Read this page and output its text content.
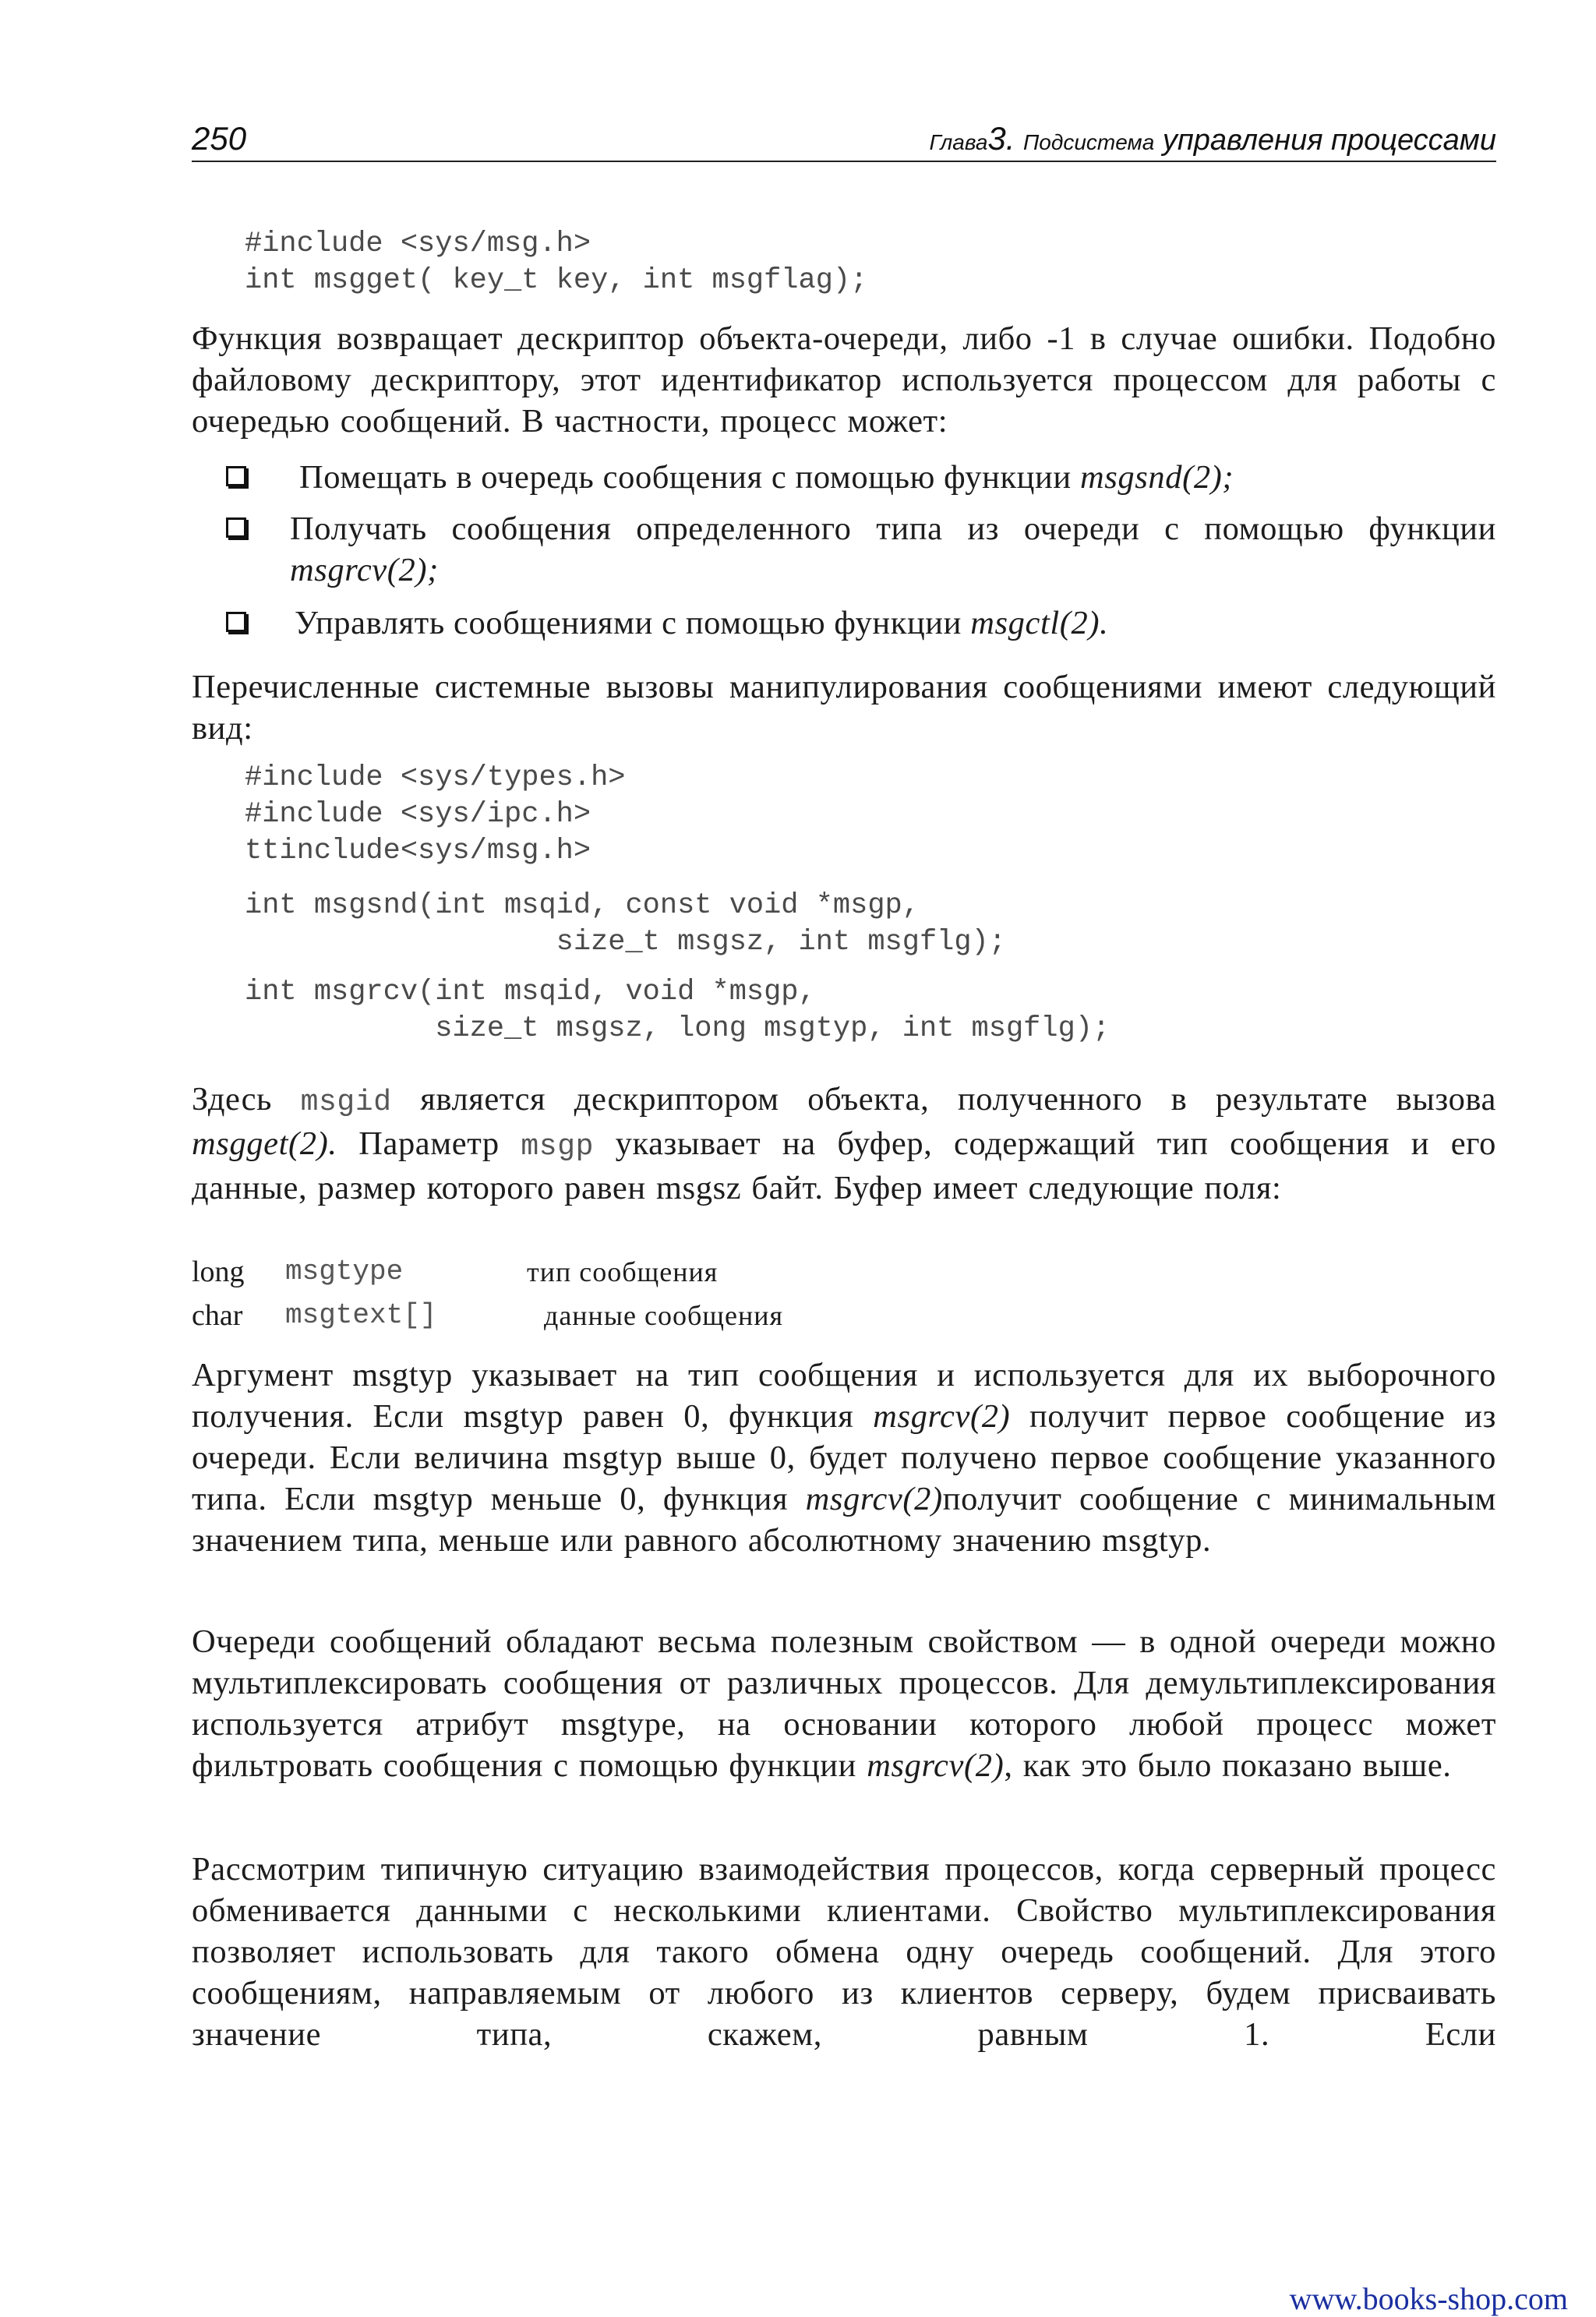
250	Глава3. Подсистема управления процессами
#include <sys/msg.h>
int msgget( key_t key, int msgflag);
Функция возвращает дескриптор объекта-очереди, либо -1 в случае ошибки. Подобно файловому дескриптору, этот идентификатор используется процессом для работы с очередью сообщений. В частности, процесс может:
Помещать в очередь сообщения с помощью функции msgsnd(2);
Получать сообщения определенного типа из очереди с помощью функции msgrcv(2);
Управлять сообщениями с помощью функции msgctl(2).
Перечисленные системные вызовы манипулирования сообщениями имеют следующий вид:
#include <sys/types.h>
#include <sys/ipc.h>
ttinclude<sys/msg.h>
int msgsnd(int msqid, const void *msgp,
size_t msgsz, int msgflg);
int msgrcv(int msqid, void *msgp,
size_t msgsz, long msgtyp, int msgflg);
Здесь msgid является дескриптором объекта, полученного в результате вызова msgget(2). Параметр msgp указывает на буфер, содержащий тип сообщения и его данные, размер которого равен msgsz байт. Буфер имеет следующие поля:
long msgtype	тип сообщения
char msgtext[]	данные сообщения
Аргумент msgtyp указывает на тип сообщения и используется для их выборочного получения. Если msgtyp равен 0, функция msgrcv(2) получит первое сообщение из очереди. Если величина msgtyp выше 0, будет получено первое сообщение указанного типа. Если msgtyp меньше 0, функция msgrcv(2)получит сообщение с минимальным значением типа, меньше или равного абсолютному значению msgtyp.
Очереди сообщений обладают весьма полезным свойством — в одной очереди можно мультиплексировать сообщения от различных процессов. Для демультиплексирования используется атрибут msgtype, на основании которого любой процесс может фильтровать сообщения с помощью функции msgrcv(2), как это было показано выше.
Рассмотрим типичную ситуацию взаимодействия процессов, когда серверный процесс обменивается данными с несколькими клиентами. Свойство мультиплексирования позволяет использовать для такого обмена одну очередь сообщений. Для этого сообщениям, направляемым от любого из клиентов серверу, будем присваивать значение типа, скажем, равным 1. Если
www.books-shop.com
